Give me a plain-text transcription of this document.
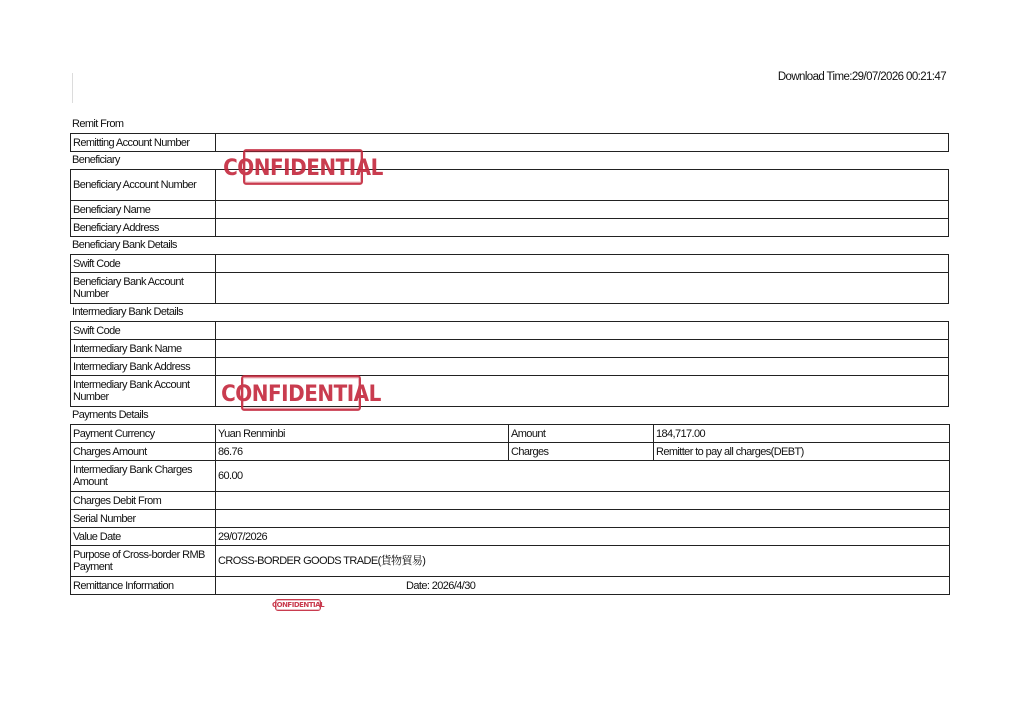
Download Time:29/07/2026 00:21:47
Remit From
Remitting Account Number	
Beneficiary
Beneficiary Account Number	
Beneficiary Name	
Beneficiary Address	
Beneficiary Bank Details
Swift Code	
Beneficiary Bank Account Number	
Intermediary Bank Details
Swift Code	
Intermediary Bank Name	
Intermediary Bank Address	
Intermediary Bank Account Number	
Payments Details
Payment Currency	Yuan Renminbi	Amount	184,717.00
Charges Amount	86.76	Charges	Remitter to pay all charges(DEBT)
Intermediary Bank Charges Amount	60.00		
Charges Debit From			
Serial Number			
Value Date	29/07/2026		
Purpose of Cross-border RMB Payment	CROSS-BORDER GOODS TRADE(貨物貿易)		
Remittance Information	Date: 2026/4/30		
CONFIDENTIAL
CONFIDENTIAL
CONFIDENTIAL
